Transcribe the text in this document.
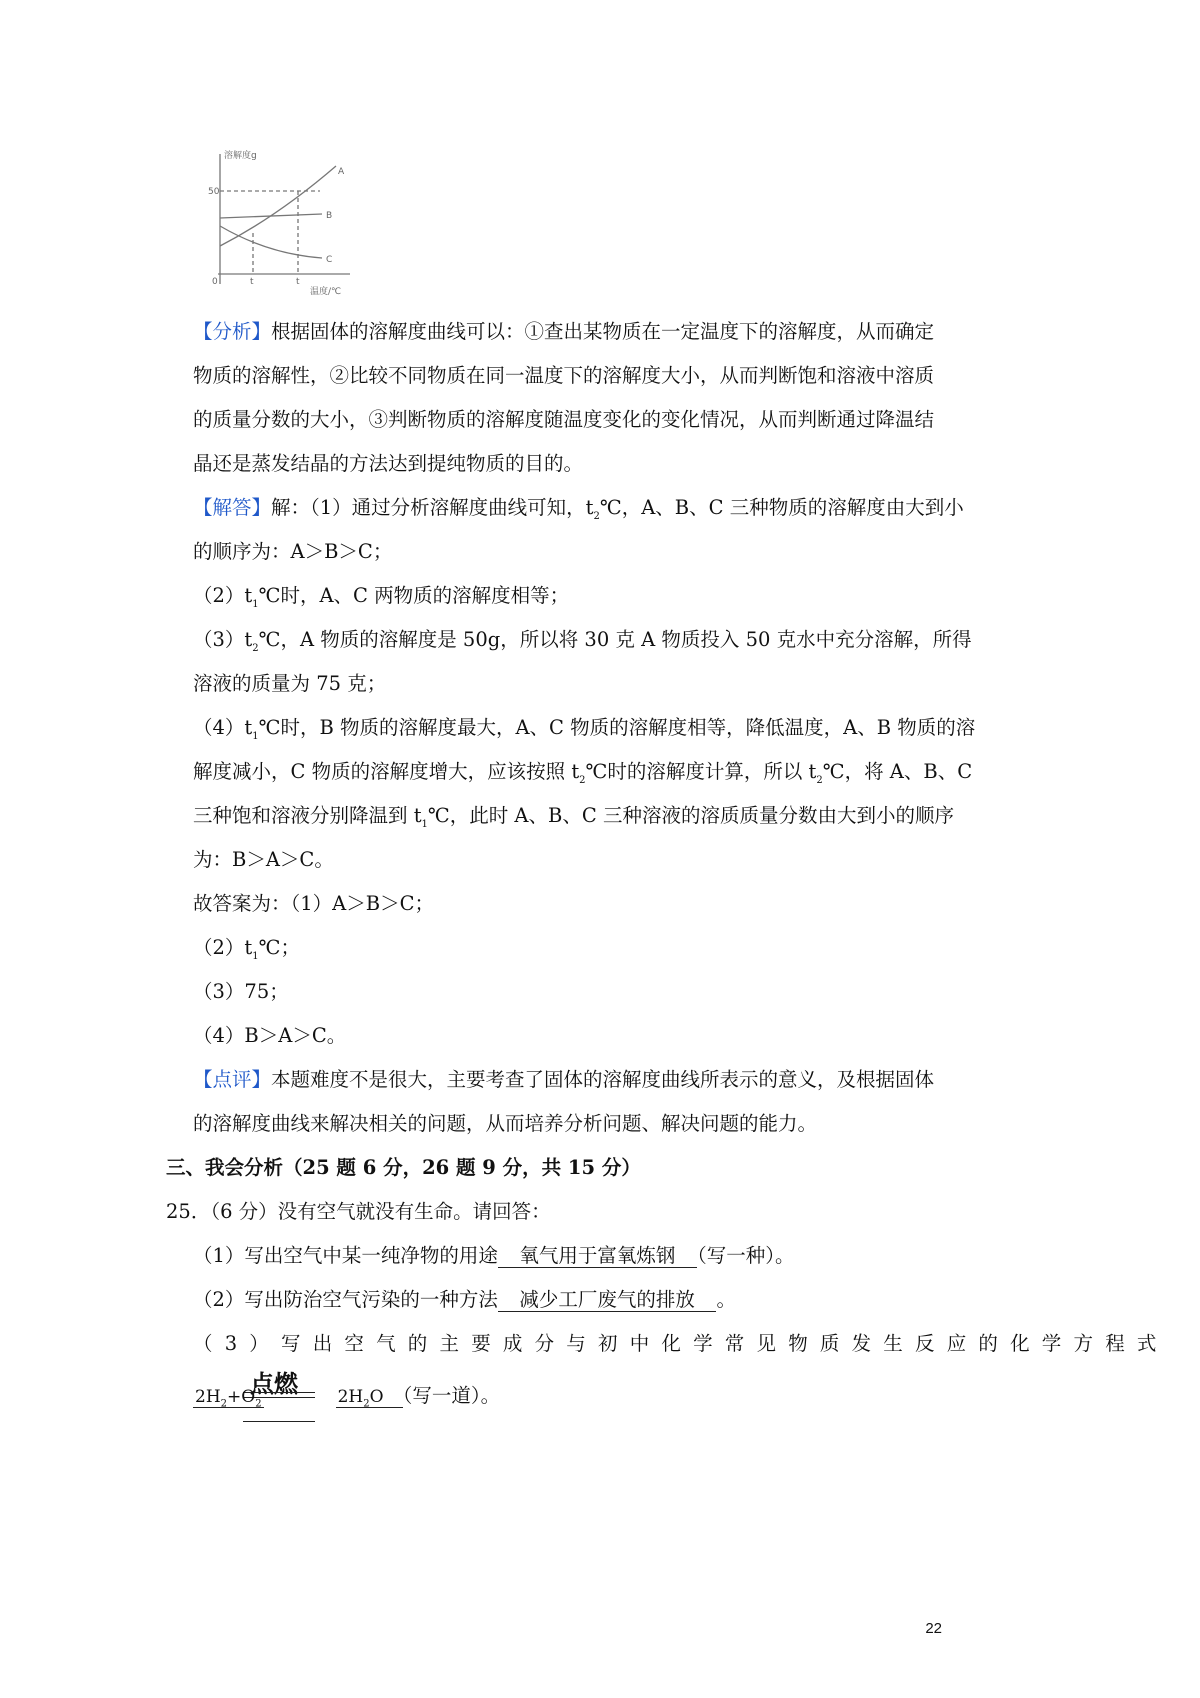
溶解度g
50
温度/℃
0	t	t
A
B
C
【分析】根据固体的溶解度曲线可以：①查出某物质在一定温度下的溶解度，从而确定
物质的溶解性，②比较不同物质在同一温度下的溶解度大小，从而判断饱和溶液中溶质
的质量分数的大小，③判断物质的溶解度随温度变化的变化情况，从而判断通过降温结
晶还是蒸发结晶的方法达到提纯物质的目的。
【解答】解：（1）通过分析溶解度曲线可知，$t_2℃$，A、B、C 三种物质的溶解度由大到小
的顺序为：A＞B＞C；
$(2)t_1℃$时，A、C 两物质的溶解度相等；
$(3)t_2℃$，A 物质的溶解度是 50g，所以将 30 克 A 物质投入 50 克水中充分溶解，所得
溶液的质量为 75 克；
$(4)t_1℃$时，B 物质的溶解度最大，A、C 物质的溶解度相等，降低温度，A、B 物质的溶
解度减小，C 物质的溶解度增大，应该按照 $t_2℃$时的溶解度计算，所以 $t_2℃$，将 A、B、C
三种饱和溶液分别降温到 $t_1℃$，此时 A、B、C 三种溶液的溶质质量分数由大到小的顺序
为：B＞A＞C。
故答案为：（1）A＞B＞C；
$(2)t_1℃$；
（3）75；
（4）B＞A＞C。
【点评】本题难度不是很大，主要考查了固体的溶解度曲线所表示的意义，及根据固体
的溶解度曲线来解决相关的问题，从而培养分析问题、解决问题的能力。
三、我会分析（25 题 6 分，26 题 9 分，共 15 分）
25．（6 分）没有空气就没有生命。请回答：
（1）写出空气中某一纯净物的用途　氧气用于富氧炼钢　（写一种）。
（2）写出防治空气污染的一种方法　减少工厂废气的排放　。
（3）写出空气的主要成分与初中化学常见物质发生反应的化学方程式
点燃
$2H_2+O_2$	$2H_2O$　 （写一道）。
22
